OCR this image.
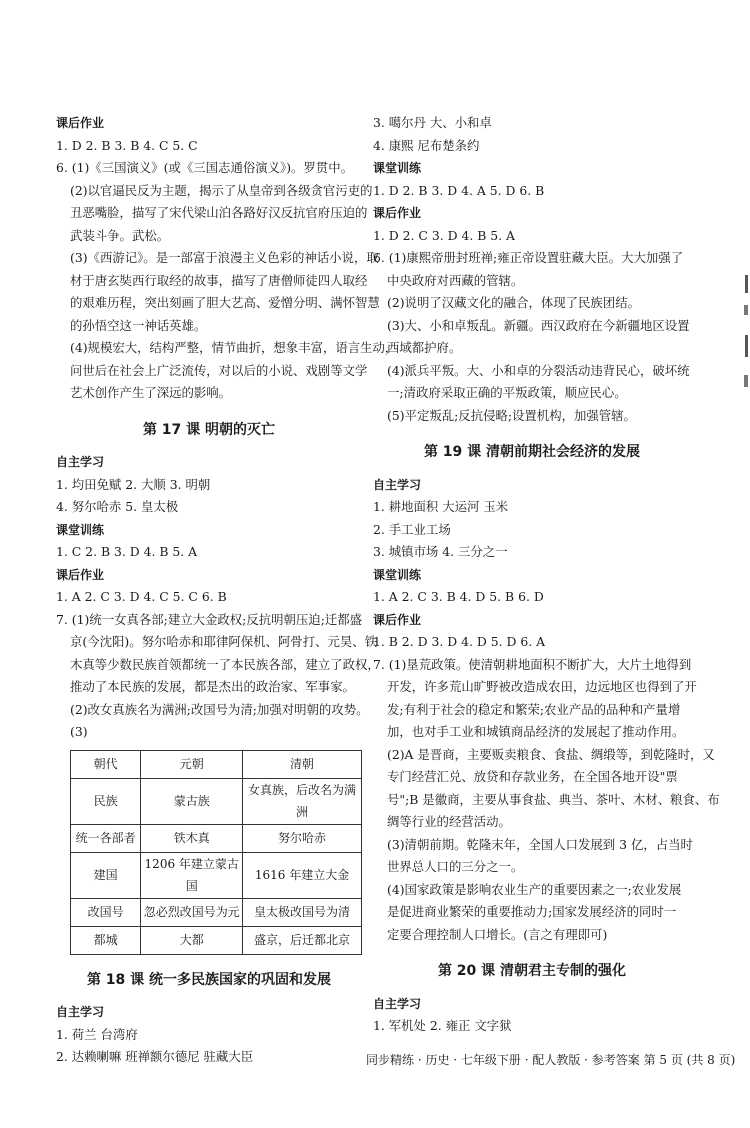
课后作业
1. D 2. B 3. B 4. C 5. C
6. (1)《三国演义》(或《三国志通俗演义》)。罗贯中。
(2)以官逼民反为主题，揭示了从皇帝到各级贪官污吏的
丑恶嘴脸，描写了宋代梁山泊各路好汉反抗官府压迫的
武装斗争。武松。
(3)《西游记》。是一部富于浪漫主义色彩的神话小说，取
材于唐玄奘西行取经的故事，描写了唐僧师徒四人取经
的艰难历程，突出刻画了胆大艺高、爱憎分明、满怀智慧
的孙悟空这一神话英雄。
(4)规模宏大，结构严整，情节曲折，想象丰富，语言生动，
问世后在社会上广泛流传，对以后的小说、戏剧等文学
艺术创作产生了深远的影响。
第 17 课 明朝的灭亡
自主学习
1. 均田免赋 2. 大顺 3. 明朝
4. 努尔哈赤 5. 皇太极
课堂训练
1. C 2. B 3. D 4. B 5. A
课后作业
1. A 2. C 3. D 4. C 5. C 6. B
7. (1)统一女真各部;建立大金政权;反抗明朝压迫;迁都盛
京(今沈阳)。努尔哈赤和耶律阿保机、阿骨打、元昊、铁
木真等少数民族首领都统一了本民族各部，建立了政权，
推动了本民族的发展，都是杰出的政治家、军事家。
(2)改女真族名为满洲;改国号为清;加强对明朝的攻势。
(3)
朝代	元朝	清朝
民族	蒙古族	女真族，后改名为满洲
统一各部者	铁木真	努尔哈赤
建国	1206 年建立蒙古国	1616 年建立大金
改国号	忽必烈改国号为元	皇太极改国号为清
都城	大都	盛京，后迁都北京
第 18 课 统一多民族国家的巩固和发展
自主学习
1. 荷兰 台湾府
2. 达赖喇嘛 班禅额尔德尼 驻藏大臣
3. 噶尔丹 大、小和卓
4. 康熙 尼布楚条约
课堂训练
1. D 2. B 3. D 4. A 5. D 6. B
课后作业
1. D 2. C 3. D 4. B 5. A
6. (1)康熙帝册封班禅;雍正帝设置驻藏大臣。大大加强了
中央政府对西藏的管辖。
(2)说明了汉藏文化的融合，体现了民族团结。
(3)大、小和卓叛乱。新疆。西汉政府在今新疆地区设置
西域都护府。
(4)派兵平叛。大、小和卓的分裂活动违背民心，破坏统
一;清政府采取正确的平叛政策，顺应民心。
(5)平定叛乱;反抗侵略;设置机构，加强管辖。
第 19 课 清朝前期社会经济的发展
自主学习
1. 耕地面积 大运河 玉米
2. 手工业工场
3. 城镇市场 4. 三分之一
课堂训练
1. A 2. C 3. B 4. D 5. B 6. D
课后作业
1. B 2. D 3. D 4. D 5. D 6. A
7. (1)垦荒政策。使清朝耕地面积不断扩大，大片土地得到
开发，许多荒山旷野被改造成农田，边远地区也得到了开
发;有利于社会的稳定和繁荣;农业产品的品种和产量增
加，也对手工业和城镇商品经济的发展起了推动作用。
(2)A 是晋商，主要贩卖粮食、食盐、绸缎等，到乾隆时，又
专门经营汇兑、放贷和存款业务，在全国各地开设"票
号";B 是徽商，主要从事食盐、典当、茶叶、木材、粮食、布
绸等行业的经营活动。
(3)清朝前期。乾隆末年，全国人口发展到 3 亿，占当时
世界总人口的三分之一。
(4)国家政策是影响农业生产的重要因素之一;农业发展
是促进商业繁荣的重要推动力;国家发展经济的同时一
定要合理控制人口增长。(言之有理即可)
第 20 课 清朝君主专制的强化
自主学习
1. 军机处 2. 雍正 文字狱
同步精练 · 历史 · 七年级下册 · 配人教版 · 参考答案 第 5 页 (共 8 页)
